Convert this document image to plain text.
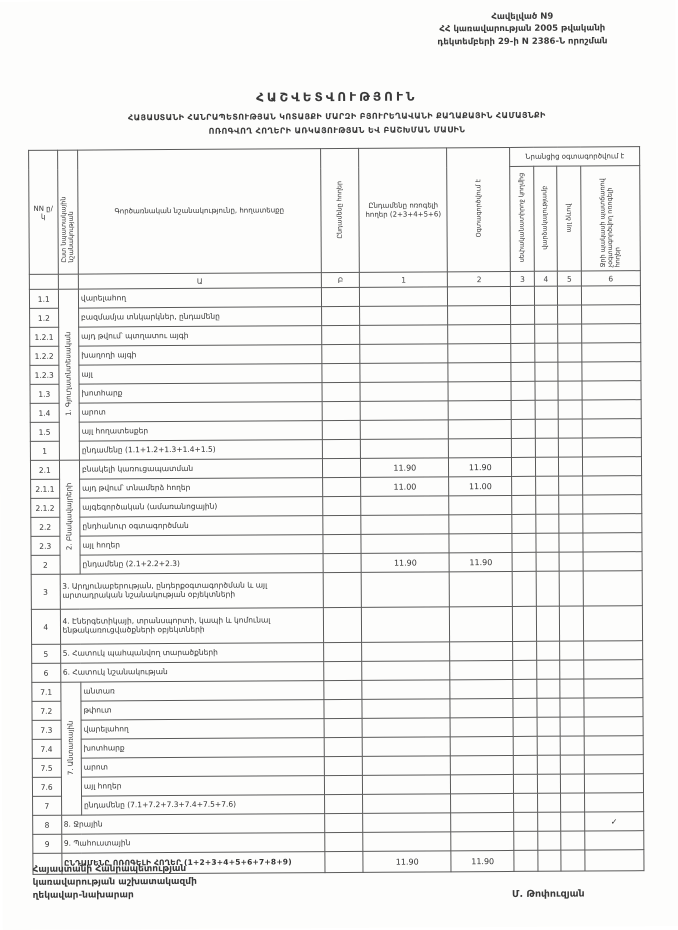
Հավելված N9
ՀՀ կառավարության 2005 թվականի
դեկտեմբերի 29-ի N 2386-Ն որոշման
ՀԱՇՎԵՏՎՈՒԹՅՈՒՆ
ՀԱՅԱՍՏԱՆԻ ՀԱՆՐԱՊԵՏՈՒԹՅԱՆ ԿՈՏԱՅՔԻ ՄԱՐԶԻ ԲՅՈՒՐԵՂԱՎԱՆԻ ՔԱՂԱՔԱՅԻՆ ՀԱՄԱՅՆՔԻ
ՈՌՈԳՎՈՂ ՀՈՂԵՐԻ ԱՌԿԱՅՈՒԹՅԱՆ ԵՎ ԲԱՇԽՄԱՆ ՄԱՍԻՆ
NN ը/կ	Ըստ նպատակային նշանակության	Գործառնական նշանակությունը, հողատեսքը	Ընդամենը հողեր	Ընդամենը ոռոգելի հողեր (2+3+4+5+6)	Օգտագործվում է	Նրանցից օգտագործվում է			
						սեփականատիրոջ կողմից	վարձակալությամբ	այլ ձևով	Ջրի պակասի պատճառով չօգտագործվող ոռոգելի հողեր
		Ա	Բ	1	2	3	4	5	6
1.1	1. Գյուղատնտեսական	վարելահող							
1.2		բազմամյա տնկարկներ, ընդամենը							
1.2.1		այդ թվում՝ պտղատու այգի							
1.2.2		խաղողի այգի							
1.2.3		այլ							
1.3		խոտհարք							
1.4		արոտ							
1.5		այլ հողատեսքեր							
1		ընդամենը (1.1+1.2+1.3+1.4+1.5)							
2.1	2. Բնակավայրերի	բնակելի կառուցապատման		11.90	11.90				
2.1.1		այդ թվում՝ տնամերձ հողեր		11.00	11.00				
2.1.2		այգեգործական (ամառանոցային)							
2.2		ընդհանուր օգտագործման							
2.3		այլ հողեր							
2		ընդամենը (2.1+2.2+2.3)		11.90	11.90				
3	3. Արդյունաբերության, ընդերքօգտագործման և այլ արտադրական նշանակության օբյեկտների								
4	4. Էներգետիկայի, տրանսպորտի, կապի և կոմունալ ենթակառուցվածքների օբյեկտների								
5	5. Հատուկ պահպանվող տարածքների								
6	6. Հատուկ նշանակության								
7.1	7. Անտառային	անտառ							
7.2		թփուտ							
7.3		վարելահող							
7.4		խոտհարք							
7.5		արոտ							
7.6		այլ հողեր							
7		ընդամենը (7.1+7.2+7.3+7.4+7.5+7.6)							
8	8. Ջրային								✓
9	9. Պահուստային								
	ԸՆԴԱՄԵՆԸ ՈՌՈԳԵԼԻ ՀՈՂԵՐ (1+2+3+4+5+6+7+8+9)			11.90	11.90				
Հայաստանի Հանրապետության
կառավարության աշխատակազմի
ղեկավար-նախարար	Մ. Թոփուզյան
